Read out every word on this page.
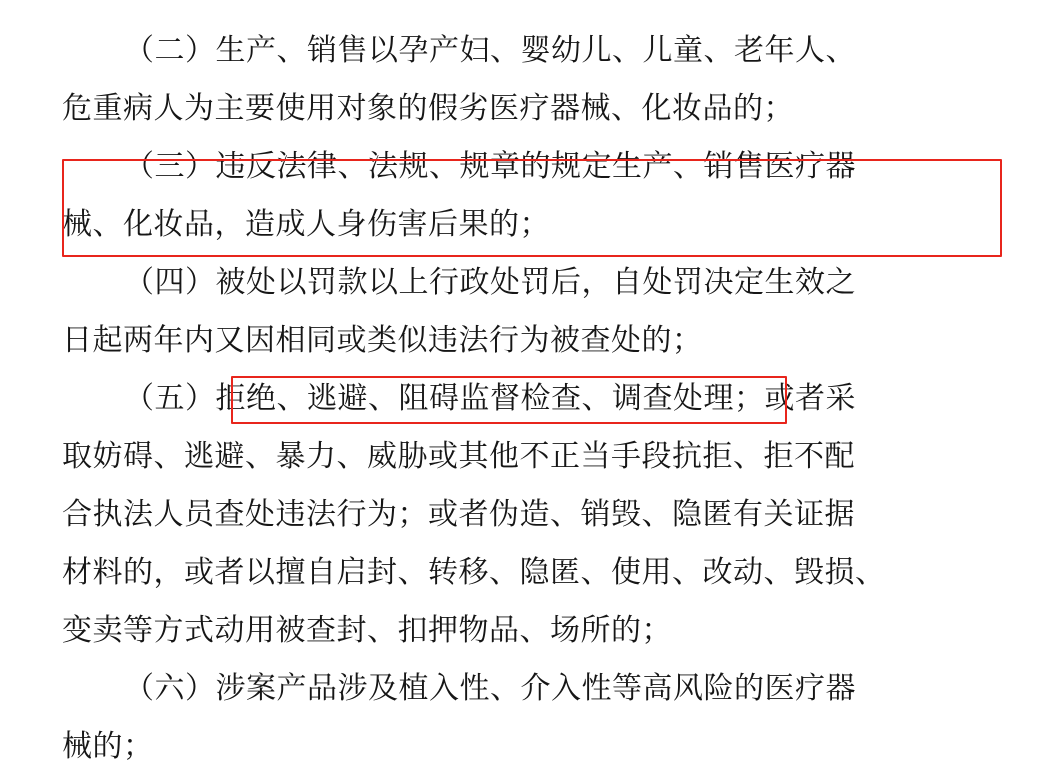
（二）生产、销售以孕产妇、婴幼儿、儿童、老年人、
危重病人为主要使用对象的假劣医疗器械、化妆品的；
（三）违反法律、法规、规章的规定生产、销售医疗器
械、化妆品，造成人身伤害后果的；
（四）被处以罚款以上行政处罚后，自处罚决定生效之
日起两年内又因相同或类似违法行为被查处的；
（五）拒绝、逃避、阻碍监督检查、调查处理；或者采
取妨碍、逃避、暴力、威胁或其他不正当手段抗拒、拒不配
合执法人员查处违法行为；或者伪造、销毁、隐匿有关证据
材料的，或者以擅自启封、转移、隐匿、使用、改动、毁损、
变卖等方式动用被查封、扣押物品、场所的；
（六）涉案产品涉及植入性、介入性等高风险的医疗器
械的；
